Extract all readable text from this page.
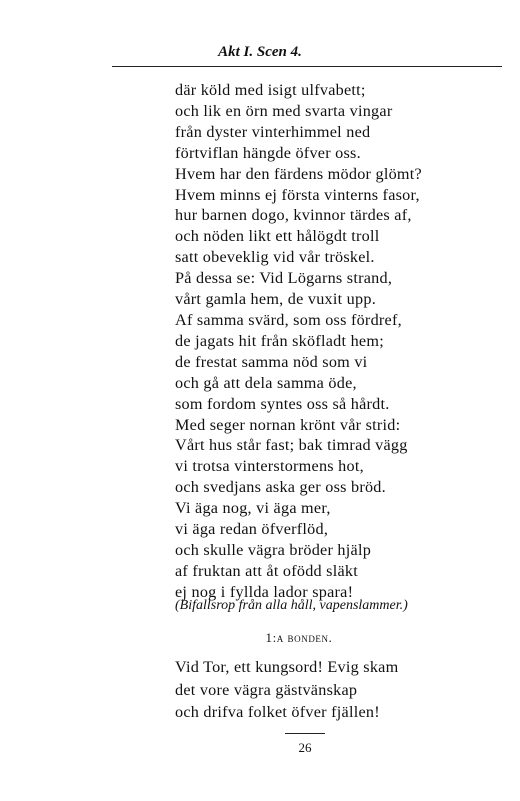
Akt I. Scen 4.
där köld med isigt ulfvabett;
och lik en örn med svarta vingar
från dyster vinterhimmel ned
förtviflan hängde öfver oss.
Hvem har den färdens mödor glömt?
Hvem minns ej första vinterns fasor,
hur barnen dogo, kvinnor tärdes af,
och nöden likt ett hålögdt troll
satt obeveklig vid vår tröskel.
På dessa se: Vid Lögarns strand,
vårt gamla hem, de vuxit upp.
Af samma svärd, som oss fördref,
de jagats hit från sköfladt hem;
de frestat samma nöd som vi
och gå att dela samma öde,
som fordom syntes oss så hårdt.
Med seger nornan krönt vår strid:
Vårt hus står fast; bak timrad vägg
vi trotsa vinterstormens hot,
och svedjans aska ger oss bröd.
Vi äga nog, vi äga mer,
vi äga redan öfverflöd,
och skulle vägra bröder hjälp
af fruktan att åt ofödd släkt
ej nog i fyllda lador spara!
(Bifallsrop från alla håll, vapenslammer.)
1:a bonden.
Vid Tor, ett kungsord! Evig skam
det vore vägra gästvänskap
och drifva folket öfver fjällen!
26
